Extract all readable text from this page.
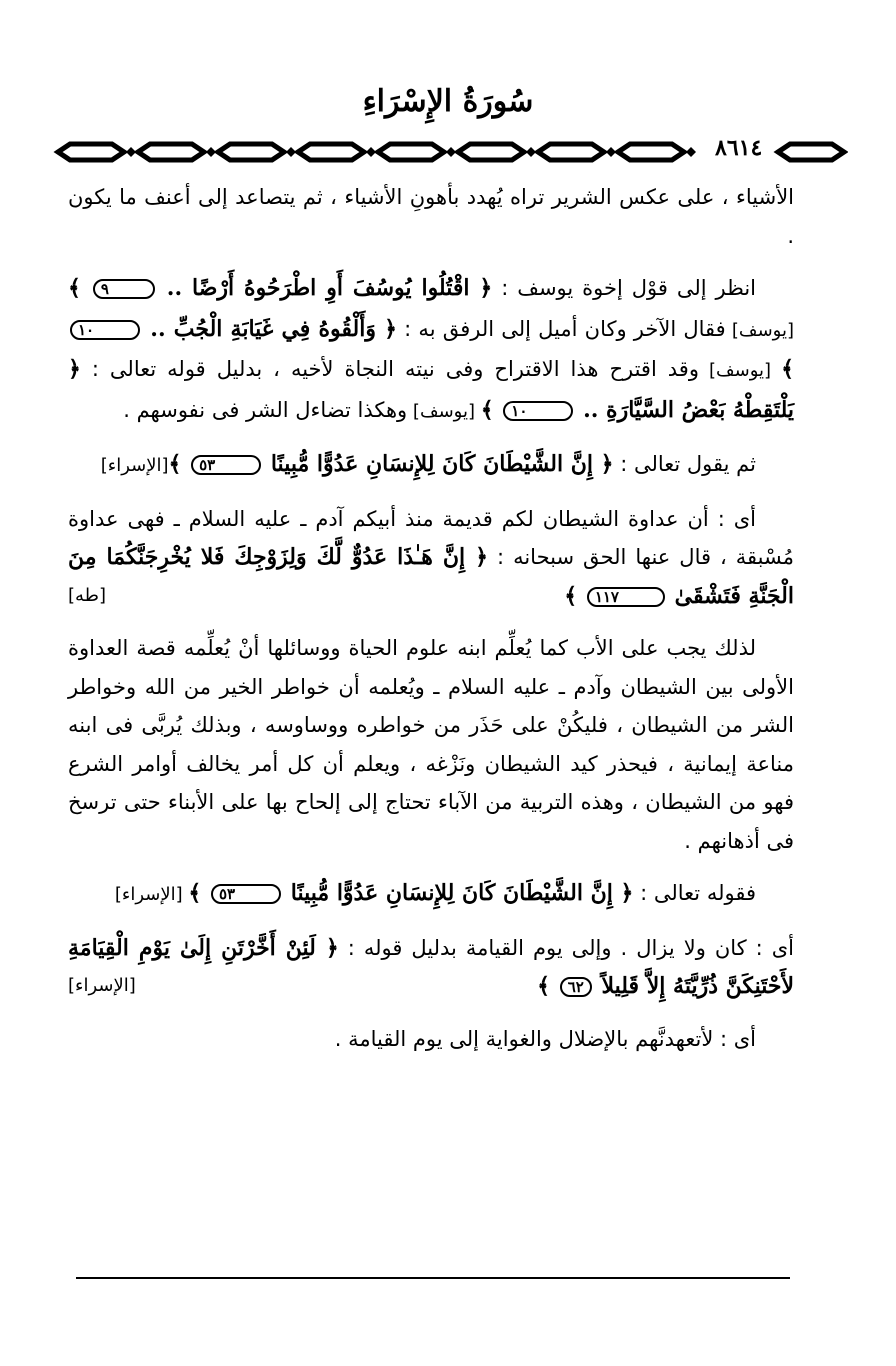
سُورَةُ الإِسْرَاءِ
٨٦١٤

الأشياء ، على عكس الشرير تراه يُهدد بأهونِ الأشياء ، ثم يتصاعد إلى أعنف ما يكون .

انظر إلى قوْل إخوة يوسف : ﴿ اقْتُلُوا يُوسُفَ أَوِ اطْرَحُوهُ أَرْضًا .. ٩ ﴾ [يوسف] فقال الآخر وكان أميل إلى الرفق به : ﴿ وَأَلْقُوهُ فِي غَيَابَةِ الْجُبِّ .. ١٠ ﴾ [يوسف] وقد اقترح هذا الاقتراح وفى نيته النجاة لأخيه ، بدليل قوله تعالى : ﴿ يَلْتَقِطْهُ بَعْضُ السَّيَّارَةِ .. ١٠ ﴾ [يوسف] وهكذا تضاءل الشر فى نفوسهم .

ثم يقول تعالى : ﴿ إِنَّ الشَّيْطَانَ كَانَ لِلإِنسَانِ عَدُوًّا مُّبِينًا ٥٣ ﴾[الإسراء]

أى : أن عداوة الشيطان لكم قديمة منذ أبيكم آدم ـ عليه السلام ـ فهى عداوة مُسْبقة ، قال عنها الحق سبحانه : ﴿ إِنَّ هَـٰذَا عَدُوٌّ لَّكَ وَلِزَوْجِكَ فَلا يُخْرِجَنَّكُمَا مِنَ الْجَنَّةِ فَتَشْقَىٰ ١١٧ ﴾
[طه]

لذلك يجب على الأب كما يُعلِّم ابنه علوم الحياة ووسائلها أنْ يُعلِّمه قصة العداوة الأولى بين الشيطان وآدم ـ عليه السلام ـ ويُعلمه أن خواطر الخير من الله وخواطر الشر من الشيطان ، فليكُنْ على حَذَر من خواطره ووساوسه ، وبذلك يُربَّى فى ابنه مناعة إيمانية ، فيحذر كيد الشيطان ونَزْغه ، ويعلم أن كل أمر يخالف أوامر الشرع فهو من الشيطان ، وهذه التربية من الآباء تحتاج إلى إلحاح بها على الأبناء حتى ترسخ فى أذهانهم .

فقوله تعالى : ﴿ إِنَّ الشَّيْطَانَ كَانَ لِلإِنسَانِ عَدُوًّا مُّبِينًا ٥٣ ﴾ [الإسراء]

أى : كان ولا يزال . وإلى يوم القيامة بدليل قوله : ﴿ لَئِنْ أَخَّرْتَنِ إِلَىٰ يَوْمِ الْقِيَامَةِ لأَحْتَنِكَنَّ ذُرِّيَّتَهُ إِلاَّ قَلِيلاً ٦٢ ﴾
[الإسراء]

أى : لأتعهدنَّهم بالإضلال والغواية إلى يوم القيامة .
